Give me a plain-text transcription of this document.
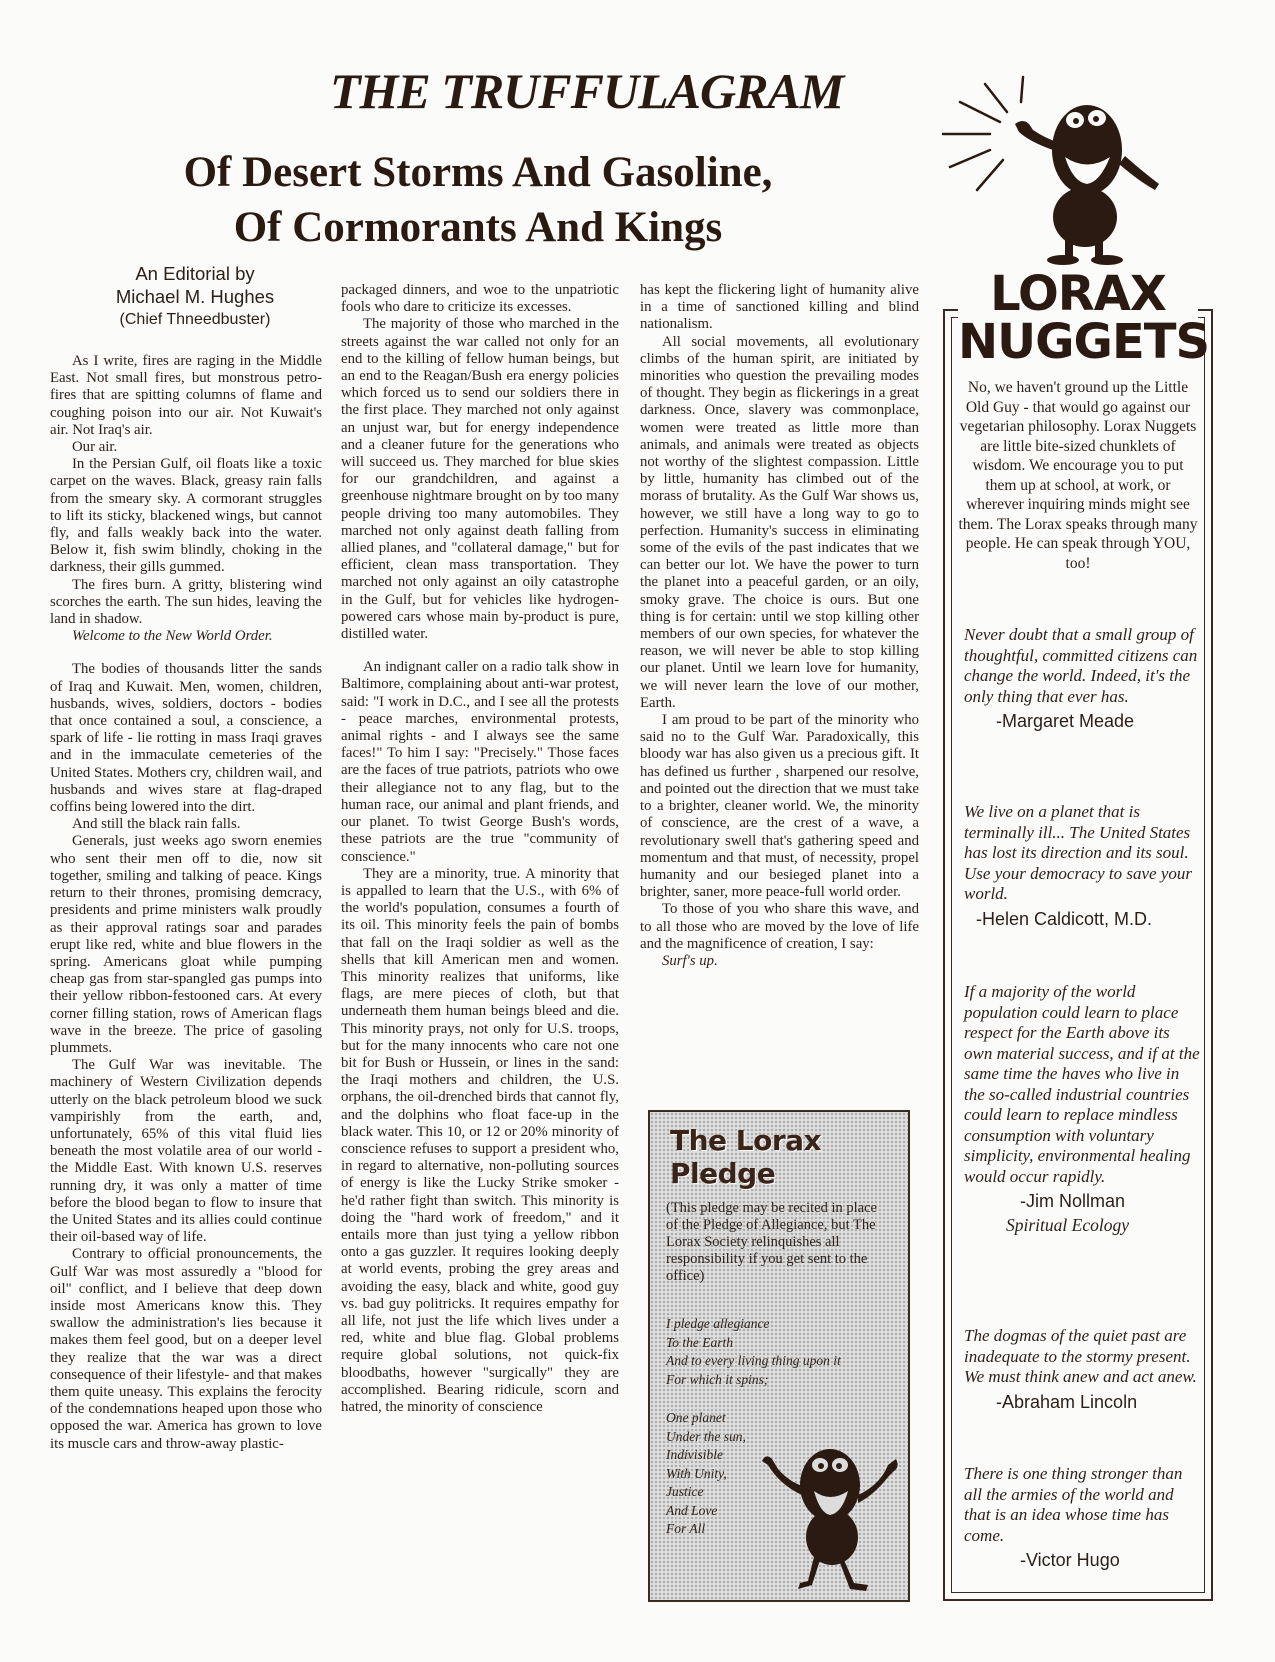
THE TRUFFULAGRAM
Of Desert Storms And Gasoline,
Of Cormorants And Kings
An Editorial by
Michael M. Hughes
(Chief Thneedbuster)

As I write, fires are raging in the Middle East. Not small fires, but monstrous petro-fires that are spitting columns of flame and coughing poison into our air. Not Kuwait's air. Not Iraq's air.

Our air.

In the Persian Gulf, oil floats like a toxic carpet on the waves. Black, greasy rain falls from the smeary sky. A cormorant struggles to lift its sticky, blackened wings, but cannot fly, and falls weakly back into the water. Below it, fish swim blindly, choking in the darkness, their gills gummed.

The fires burn. A gritty, blistering wind scorches the earth. The sun hides, leaving the land in shadow.

Welcome to the New World Order.

The bodies of thousands litter the sands of Iraq and Kuwait. Men, women, children, husbands, wives, soldiers, doctors - bodies that once contained a soul, a conscience, a spark of life - lie rotting in mass Iraqi graves and in the immaculate cemeteries of the United States. Mothers cry, children wail, and husbands and wives stare at flag-draped coffins being lowered into the dirt.

And still the black rain falls.

Generals, just weeks ago sworn enemies who sent their men off to die, now sit together, smiling and talking of peace. Kings return to their thrones, promising demcracy, presidents and prime ministers walk proudly as their approval ratings soar and parades erupt like red, white and blue flowers in the spring. Americans gloat while pumping cheap gas from star-spangled gas pumps into their yellow ribbon-festooned cars. At every corner filling station, rows of American flags wave in the breeze. The price of gasoling plummets.

The Gulf War was inevitable. The machinery of Western Civilization depends utterly on the black petroleum blood we suck vampirishly from the earth, and, unfortunately, 65% of this vital fluid lies beneath the most volatile area of our world - the Middle East. With known U.S. reserves running dry, it was only a matter of time before the blood began to flow to insure that the United States and its allies could continue their oil-based way of life.

Contrary to official pronouncements, the Gulf War was most assuredly a "blood for oil" conflict, and I believe that deep down inside most Americans know this. They swallow the administration's lies because it makes them feel good, but on a deeper level they realize that the war was a direct consequence of their lifestyle- and that makes them quite uneasy. This explains the ferocity of the condemnations heaped upon those who opposed the war. America has grown to love its muscle cars and throw-away plastic-

packaged dinners, and woe to the unpatriotic fools who dare to criticize its excesses.

The majority of those who marched in the streets against the war called not only for an end to the killing of fellow human beings, but an end to the Reagan/Bush era energy policies which forced us to send our soldiers there in the first place. They marched not only against an unjust war, but for energy independence and a cleaner future for the generations who will succeed us. They marched for blue skies for our grandchildren, and against a greenhouse nightmare brought on by too many people driving too many automobiles. They marched not only against death falling from allied planes, and "collateral damage," but for efficient, clean mass transportation. They marched not only against an oily catastrophe in the Gulf, but for vehicles like hydrogen-powered cars whose main by-product is pure, distilled water.

An indignant caller on a radio talk show in Baltimore, complaining about anti-war protest, said: "I work in D.C., and I see all the protests - peace marches, environmental protests, animal rights - and I always see the same faces!" To him I say: "Precisely." Those faces are the faces of true patriots, patriots who owe their allegiance not to any flag, but to the human race, our animal and plant friends, and our planet. To twist George Bush's words, these patriots are the true "community of conscience."

They are a minority, true. A minority that is appalled to learn that the U.S., with 6% of the world's population, consumes a fourth of its oil. This minority feels the pain of bombs that fall on the Iraqi soldier as well as the shells that kill American men and women. This minority realizes that uniforms, like flags, are mere pieces of cloth, but that underneath them human beings bleed and die. This minority prays, not only for U.S. troops, but for the many innocents who care not one bit for Bush or Hussein, or lines in the sand: the Iraqi mothers and children, the U.S. orphans, the oil-drenched birds that cannot fly, and the dolphins who float face-up in the black water. This 10, or 12 or 20% minority of conscience refuses to support a president who, in regard to alternative, non-polluting sources of energy is like the Lucky Strike smoker - he'd rather fight than switch. This minority is doing the "hard work of freedom," and it entails more than just tying a yellow ribbon onto a gas guzzler. It requires looking deeply at world events, probing the grey areas and avoiding the easy, black and white, good guy vs. bad guy politricks. It requires empathy for all life, not just the life which lives under a red, white and blue flag. Global problems require global solutions, not quick-fix bloodbaths, however "surgically" they are accomplished. Bearing ridicule, scorn and hatred, the minority of conscience

has kept the flickering light of humanity alive in a time of sanctioned killing and blind nationalism.

All social movements, all evolutionary climbs of the human spirit, are initiated by minorities who question the prevailing modes of thought. They begin as flickerings in a great darkness. Once, slavery was commonplace, women were treated as little more than animals, and animals were treated as objects not worthy of the slightest compassion. Little by little, humanity has climbed out of the morass of brutality. As the Gulf War shows us, however, we still have a long way to go to perfection. Humanity's success in eliminating some of the evils of the past indicates that we can better our lot. We have the power to turn the planet into a peaceful garden, or an oily, smoky grave. The choice is ours. But one thing is for certain: until we stop killing other members of our own species, for whatever the reason, we will never be able to stop killing our planet. Until we learn love for humanity, we will never learn the love of our mother, Earth.

I am proud to be part of the minority who said no to the Gulf War. Paradoxically, this bloody war has also given us a precious gift. It has defined us further , sharpened our resolve, and pointed out the direction that we must take to a brighter, cleaner world. We, the minority of conscience, are the crest of a wave, a revolutionary swell that's gathering speed and momentum and that must, of necessity, propel humanity and our besieged planet into a brighter, saner, more peace-full world order.

To those of you who share this wave, and to all those who are moved by the love of life and the magnificence of creation, I say:

Surf's up.

The Lorax Pledge

(This pledge may be recited in place of the Pledge of Allegiance, but The Lorax Society relinquishes all responsibility if you get sent to the office)

I pledge allegiance
To the Earth
And to every living thing upon it
For which it spins;

One planet
Under the sun,
Indivisible
With Unity,
Justice
And Love
For All

LORAX
NUGGETS
No, we haven't ground up the Little Old Guy - that would go against our vegetarian philosophy. Lorax Nuggets are little bite-sized chunklets of wisdom. We encourage you to put them up at school, at work, or wherever inquiring minds might see them. The Lorax speaks through many people. He can speak through YOU, too!

Never doubt that a small group of thoughtful, committed citizens can change the world. Indeed, it's the only thing that ever has.

-Margaret Meade

We live on a planet that is terminally ill... The United States has lost its direction and its soul. Use your democracy to save your world.

-Helen Caldicott, M.D.

If a majority of the world population could learn to place respect for the Earth above its own material success, and if at the same time the haves who live in the so-called industrial countries could learn to replace mindless consumption with voluntary simplicity, environmental healing would occur rapidly.

-Jim Nollman

Spiritual Ecology

The dogmas of the quiet past are inadequate to the stormy present. We must think anew and act anew.

-Abraham Lincoln

There is one thing stronger than all the armies of the world and that is an idea whose time has come.

-Victor Hugo
